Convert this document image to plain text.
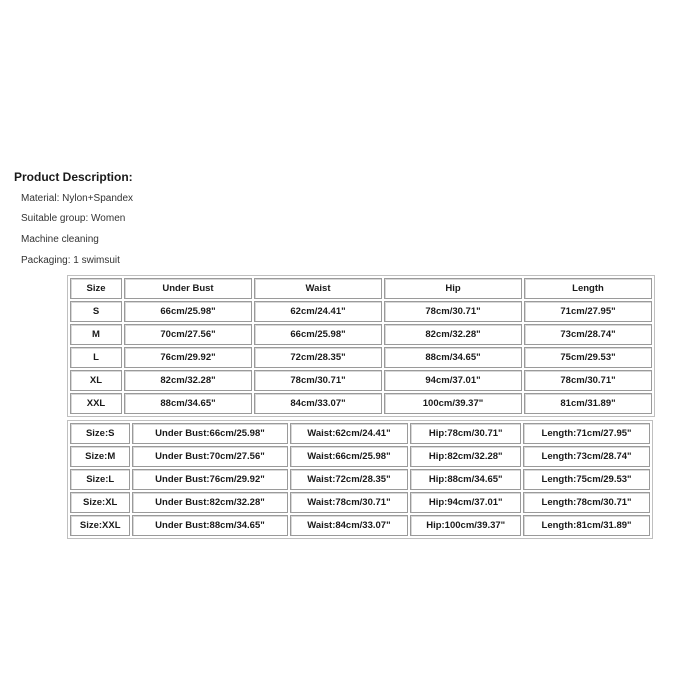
Product Description:
Material: Nylon+Spandex
Suitable group: Women
Machine cleaning
Packaging: 1 swimsuit
Size	Under Bust	Waist	Hip	Length
S	66cm/25.98"	62cm/24.41"	78cm/30.71"	71cm/27.95"
M	70cm/27.56"	66cm/25.98"	82cm/32.28"	73cm/28.74"
L	76cm/29.92"	72cm/28.35"	88cm/34.65"	75cm/29.53"
XL	82cm/32.28"	78cm/30.71"	94cm/37.01"	78cm/30.71"
XXL	88cm/34.65"	84cm/33.07"	100cm/39.37"	81cm/31.89"
Size:S	Under Bust:66cm/25.98"	Waist:62cm/24.41"	Hip:78cm/30.71"	Length:71cm/27.95"
Size:M	Under Bust:70cm/27.56"	Waist:66cm/25.98"	Hip:82cm/32.28"	Length:73cm/28.74"
Size:L	Under Bust:76cm/29.92"	Waist:72cm/28.35"	Hip:88cm/34.65"	Length:75cm/29.53"
Size:XL	Under Bust:82cm/32.28"	Waist:78cm/30.71"	Hip:94cm/37.01"	Length:78cm/30.71"
Size:XXL	Under Bust:88cm/34.65"	Waist:84cm/33.07"	Hip:100cm/39.37"	Length:81cm/31.89"
